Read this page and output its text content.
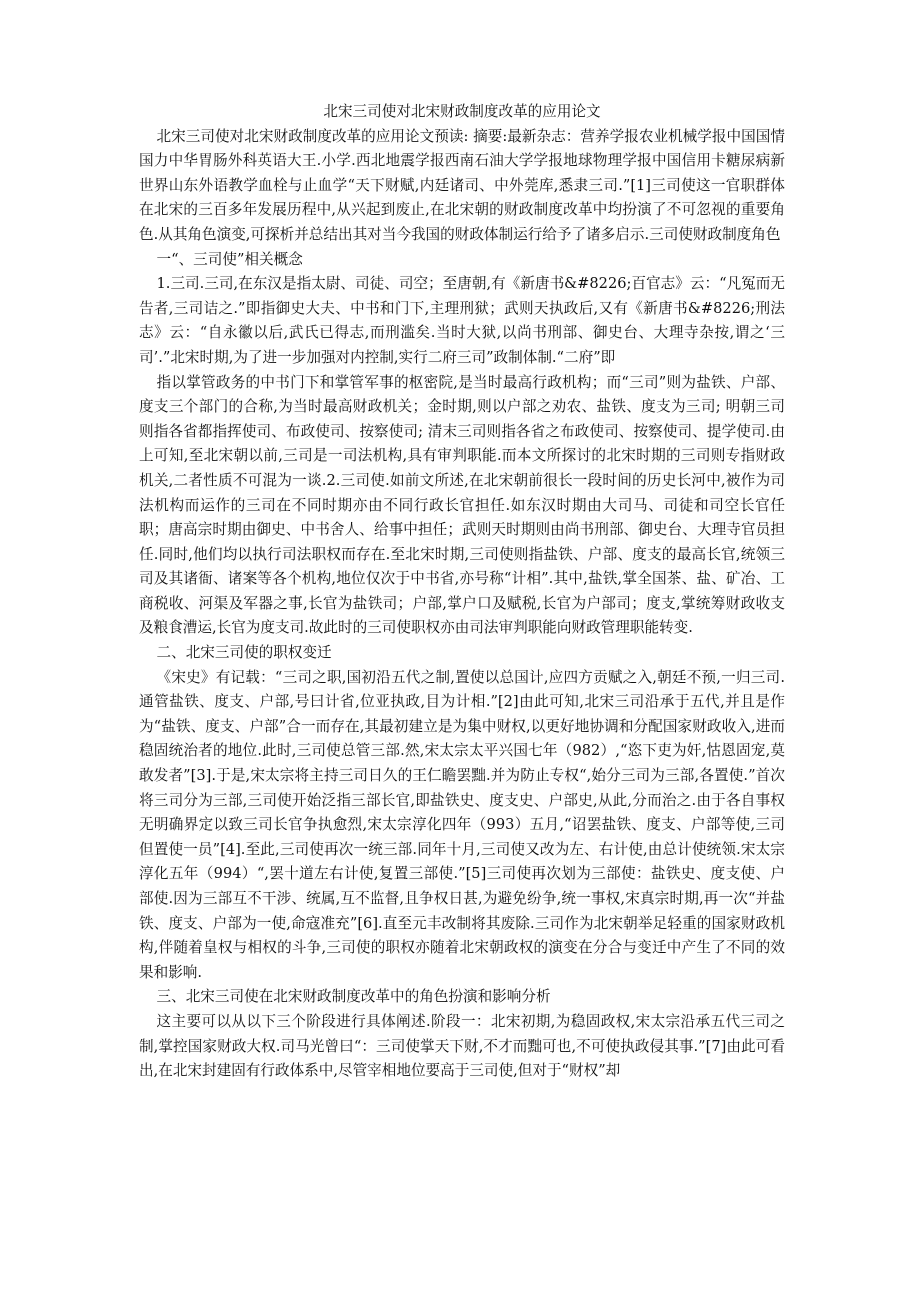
北宋三司使对北宋财政制度改革的应用论文

北宋三司使对北宋财政制度改革的应用论文预读: 摘要:最新杂志：营养学报农业机械学报中国国情国力中华胃肠外科英语大王.小学.西北地震学报西南石油大学学报地球物理学报中国信用卡糖尿病新世界山东外语教学血栓与止血学“天下财赋,内廷诸司、中外莞库,悉隶三司.”[1]三司使这一官职群体在北宋的三百多年发展历程中,从兴起到废止,在北宋朝的财政制度改革中均扮演了不可忽视的重要角色.从其角色演变,可探析并总结出其对当今我国的财政体制运行给予了诸多启示.三司使财政制度角色

一“、三司使”相关概念

1.三司.三司,在东汉是指太尉、司徒、司空；至唐朝,有《新唐书&#8226;百官志》云：“凡冤而无告者,三司诘之.”即指御史大夫、中书和门下,主理刑狱；武则天执政后,又有《新唐书&#8226;刑法志》云：“自永徽以后,武氏已得志,而刑滥矣.当时大狱,以尚书刑部、御史台、大理寺杂按,谓之‘三司’.”北宋时期,为了进一步加强对内控制,实行二府三司”政制体制.“二府”即

指以掌管政务的中书门下和掌管军事的枢密院,是当时最高行政机构；而“三司”则为盐铁、户部、度支三个部门的合称,为当时最高财政机关；金时期,则以户部之劝农、盐铁、度支为三司; 明朝三司则指各省都指挥使司、布政使司、按察使司; 清末三司则指各省之布政使司、按察使司、提学使司.由上可知,至北宋朝以前,三司是一司法机构,具有审判职能.而本文所探讨的北宋时期的三司则专指财政机关,二者性质不可混为一谈.2.三司使.如前文所述,在北宋朝前很长一段时间的历史长河中,被作为司法机构而运作的三司在不同时期亦由不同行政长官担任.如东汉时期由大司马、司徒和司空长官任职；唐高宗时期由御史、中书舍人、给事中担任；武则天时期则由尚书刑部、御史台、大理寺官员担任.同时,他们均以执行司法职权而存在.至北宋时期,三司使则指盐铁、户部、度支的最高长官,统领三司及其诸衙、诸案等各个机构,地位仅次于中书省,亦号称“计相”.其中,盐铁,掌全国茶、盐、矿冶、工商税收、河渠及军器之事,长官为盐铁司；户部,掌户口及赋税,长官为户部司；度支,掌统筹财政收支及粮食漕运,长官为度支司.故此时的三司使职权亦由司法审判职能向财政管理职能转变.

二、北宋三司使的职权变迁

《宋史》有记载：“三司之职,国初沿五代之制,置使以总国计,应四方贡赋之入,朝廷不预,一归三司.通管盐铁、度支、户部,号曰计省,位亚执政,目为计相.”[2]由此可知,北宋三司沿承于五代,并且是作为“盐铁、度支、户部”合一而存在,其最初建立是为集中财权,以更好地协调和分配国家财政收入,进而稳固统治者的地位.此时,三司使总管三部.然,宋太宗太平兴国七年（982）,“恣下吏为奸,怙恩固宠,莫敢发者”[3].于是,宋太宗将主持三司日久的王仁瞻罢黜.并为防止专权“,始分三司为三部,各置使.”首次将三司分为三部,三司使开始泛指三部长官,即盐铁史、度支史、户部史,从此,分而治之.由于各自事权无明确界定以致三司长官争执愈烈,宋太宗淳化四年（993）五月,“诏罢盐铁、度支、户部等使,三司但置使一员”[4].至此,三司使再次一统三部.同年十月,三司使又改为左、右计使,由总计使统领.宋太宗淳化五年（994）“,罢十道左右计使,复置三部使.”[5]三司使再次划为三部使：盐铁史、度支使、户部使.因为三部互不干涉、统属,互不监督,且争权日甚,为避免纷争,统一事权,宋真宗时期,再一次“并盐铁、度支、户部为一使,命寇准充”[6].直至元丰改制将其废除.三司作为北宋朝举足轻重的国家财政机构,伴随着皇权与相权的斗争,三司使的职权亦随着北宋朝政权的演变在分合与变迁中产生了不同的效果和影响.

三、北宋三司使在北宋财政制度改革中的角色扮演和影响分析

这主要可以从以下三个阶段进行具体阐述.阶段一：北宋初期,为稳固政权,宋太宗沿承五代三司之制,掌控国家财政大权.司马光曾曰“：三司使掌天下财,不才而黜可也,不可使执政侵其事.”[7]由此可看出,在北宋封建固有行政体系中,尽管宰相地位要高于三司使,但对于“财权”却
